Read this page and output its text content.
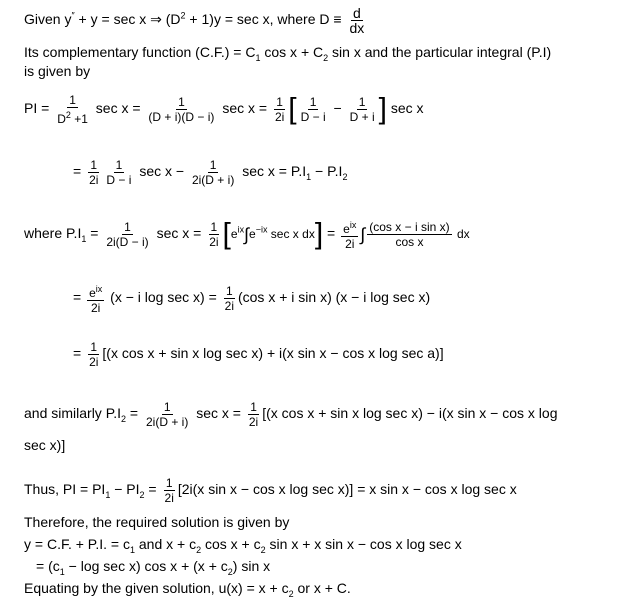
Given y″ + y = sec x ⇒ $(D^2 + 1)y = \sec x$, where $D \equiv \frac{d}{dx}$
Its complementary function $(C.F.) = C_1$ $\cos x + C_2$ sin x and the particular integral (P.I)
is given by
PI = $\frac{1}{D^2 +1}$ $\sec x = \frac{1}{(D + i)(D - i)}$ $\sec x = \frac{1}{2i}$ [ $\frac{1}{D - i} - \frac{1}{D + i}$ ] sec x
= $\frac{1}{2i} \frac{1}{D - i}$ $\sec x - \frac{1}{2i(D + i)}$ $\sec x = P.I_1 - P.I_2$
where $P.I_1 = \frac{1}{2i(D - i)}$ $\sec x = \frac{1}{2i} [e^{ix}\int e^{-ix}$ sec x $dx] = \frac{e^{ix}}{2i}$ ∫ $\frac{\text{(cos x − i sin x)}}{\text{cos x}}$ dx
= $\frac{e^{ix}}{2i} (x - i$ $\log \sec x) = \frac{1}{2i} (\cos$ x + i sin x) (x − i log sec x)
= $\frac{1}{2i} [(x$ cos x + sin x log sec x) + i(x sin x − cos x log sec a)]
and similarly $P.I_2 = \frac{1}{2i(D + i)}$ $\sec x = \frac{1}{2i} [(x$ cos x + sin x log sec x) − i(x sin x − cos x log
sec x)]
Thus, PI = $PI_1 - PI_2 = \frac{1}{2i} [2i(x$ sin x − cos x log sec x)] = x sin x − cos x log sec x
Therefore, the required solution is given by
y = C.F. + P.I. = $c_1$ and $x + c_2$ $\cos x + c_2$ sin x + x sin x − cos x log sec x
= $(c_1 - \log \sec x)$ $\cos x + (x + c_2)$ sin x
Equating by the given solution, $u(x) = x + c_2$ or x + C.
